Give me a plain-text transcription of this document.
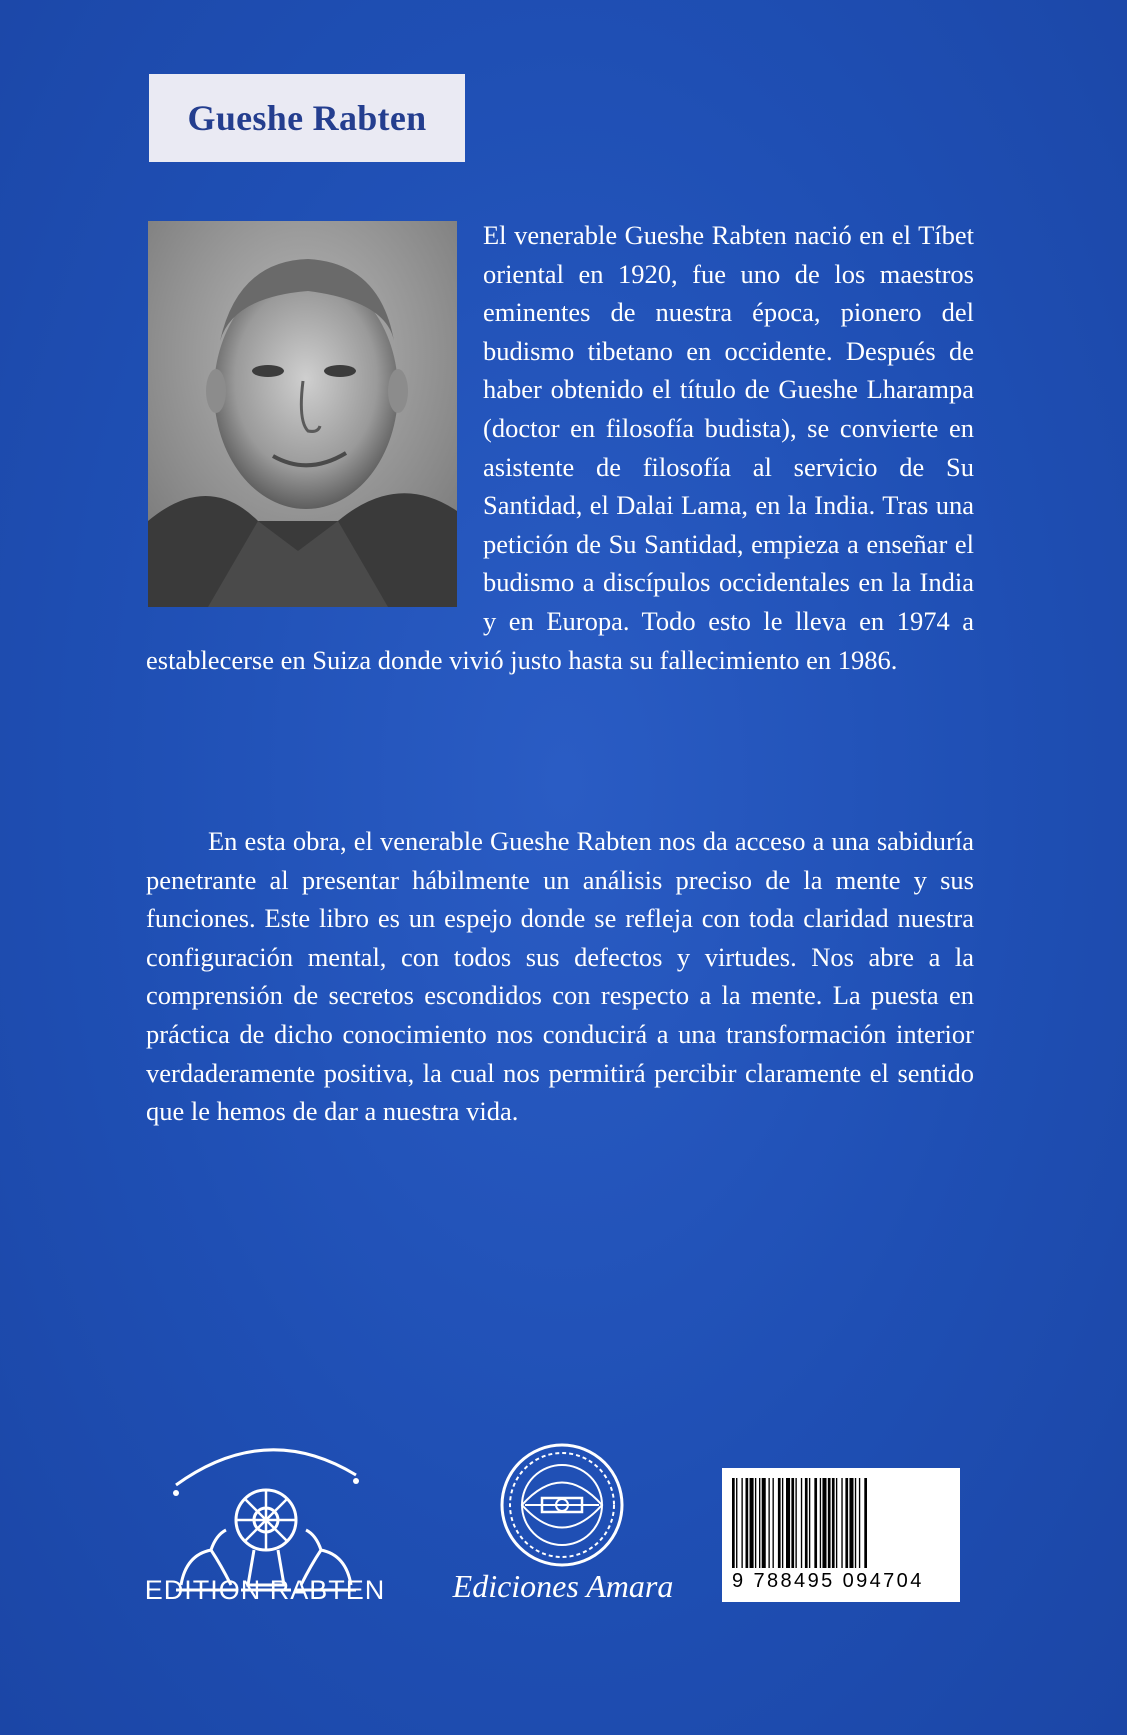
Gueshe Rabten

El venerable Gueshe Rabten nació en el Tíbet oriental en 1920, fue uno de los maestros eminentes de nuestra época, pionero del budismo tibetano en occidente. Después de haber obtenido el título de Gueshe Lharampa (doctor en filosofía budista), se convierte en asistente de filosofía al servicio de Su Santidad, el Dalai Lama, en la India. Tras una petición de Su Santidad, empieza a enseñar el budismo a discípulos occidentales en la India y en Europa. Todo esto le lleva en 1974 a establecerse en Suiza donde vivió justo hasta su fallecimiento en 1986.

En esta obra, el venerable Gueshe Rabten nos da acceso a una sabiduría penetrante al presentar hábilmente un análisis preciso de la mente y sus funciones. Este libro es un espejo donde se refleja con toda claridad nuestra configuración mental, con todos sus defectos y virtudes. Nos abre a la comprensión de secretos escondidos con respecto a la mente. La puesta en práctica de dicho conocimiento nos conducirá a una transformación interior verdaderamente positiva, la cual nos permitirá percibir claramente el sentido que le hemos de dar a nuestra vida.

EDITION RABTEN	Ediciones Amara	9 788495 094704
